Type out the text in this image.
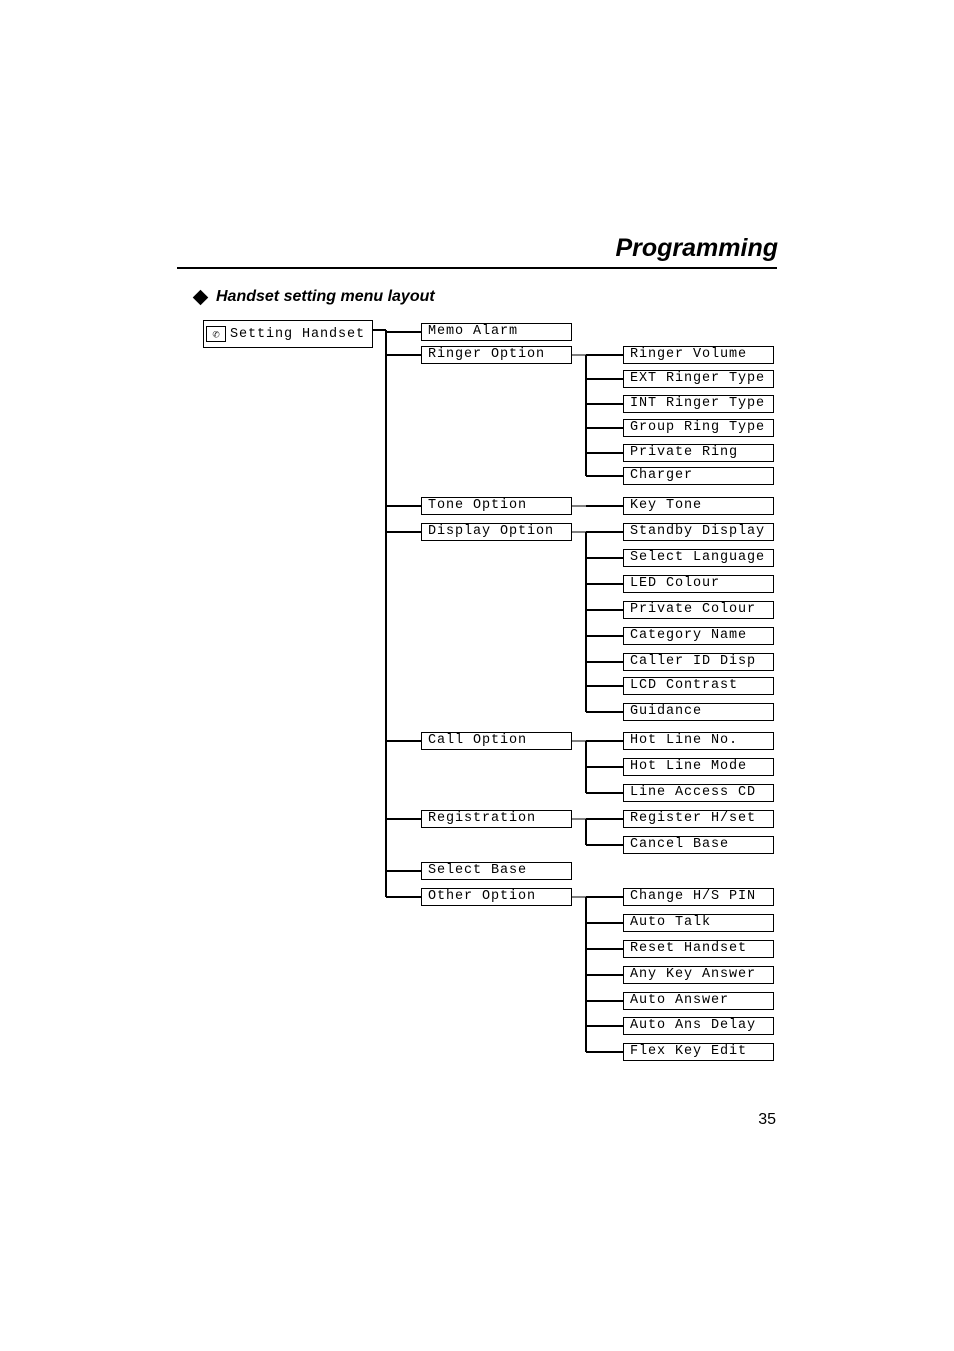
Programming
Handset setting menu layout
✆ Setting Handset	Memo Alarm
Ringer Option	Ringer Volume
EXT Ringer Type
INT Ringer Type
Group Ring Type
Private Ring
Charger
Tone Option	Key Tone
Display Option	Standby Display
Select Language
LED Colour
Private Colour
Category Name
Caller ID Disp
LCD Contrast
Guidance
Call Option	Hot Line No.
Hot Line Mode
Line Access CD
Registration	Register H/set
Cancel Base
Select Base
Other Option	Change H/S PIN
Auto Talk
Reset Handset
Any Key Answer
Auto Answer
Auto Ans Delay
Flex Key Edit
35
